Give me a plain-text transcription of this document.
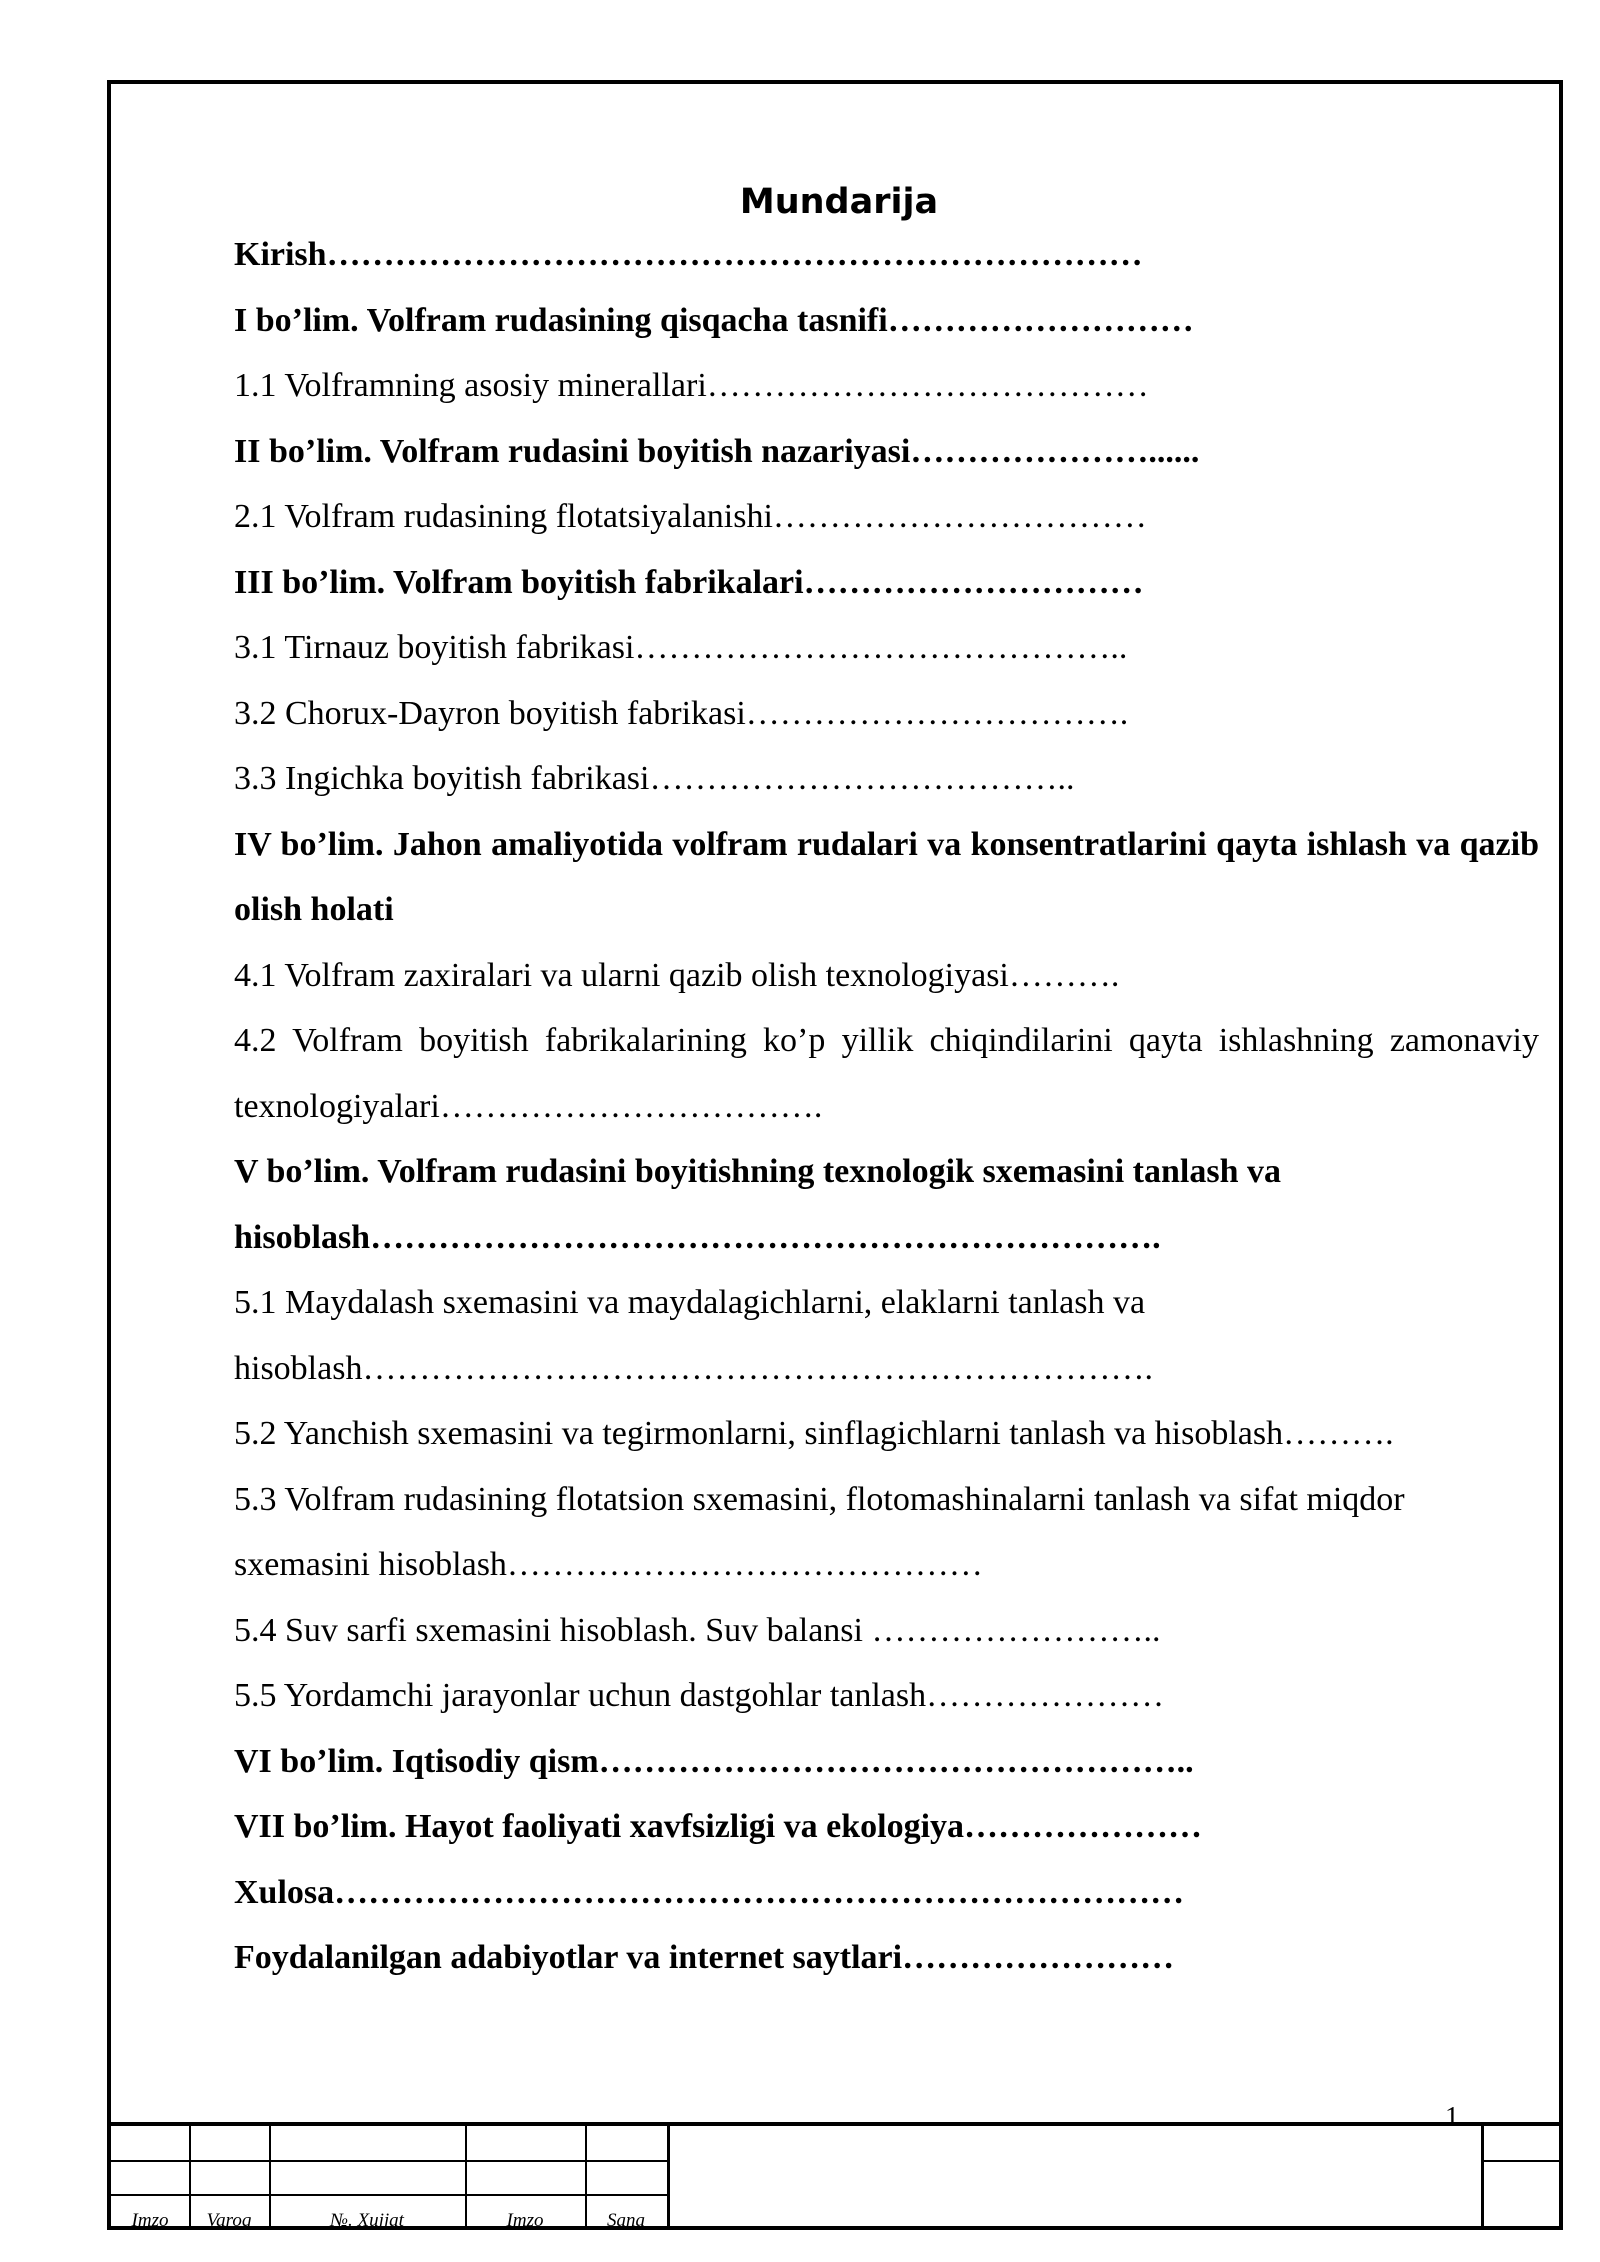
Mundarija

Kirish………………………………………………………………

I bo’lim. Volfram rudasining qisqacha tasnifi………………………

1.1 Volframning asosiy minerallari…………………………………

II bo’lim. Volfram rudasini boyitish nazariyasi…………………......

2.1 Volfram rudasining flotatsiyalanishi……………………………

III bo’lim. Volfram boyitish fabrikalari…………………………

3.1 Tirnauz boyitish fabrikasi……………………………………..

3.2 Chorux-Dayron boyitish fabrikasi…………………………….

3.3 Ingichka boyitish fabrikasi………………………………..

IV bo’lim. Jahon amaliyotida volfram rudalari va konsentratlarini qayta ishlash va qazib olish holati

4.1 Volfram zaxiralari va ularni qazib olish texnologiyasi……….

4.2 Volfram boyitish fabrikalarining ko’p yillik chiqindilarini qayta ishlashning zamonaviy texnologiyalari…………………………….

V bo’lim. Volfram rudasini boyitishning texnologik sxemasini tanlash va hisoblash…………………………………………………………….

5.1 Maydalash sxemasini va maydalagichlarni, elaklarni tanlash va hisoblash…………………………………………………………….

5.2 Yanchish sxemasini va tegirmonlarni, sinflagichlarni tanlash va hisoblash……….

5.3 Volfram rudasining flotatsion sxemasini, flotomashinalarni tanlash va sifat miqdor sxemasini hisoblash……………………………………

5.4 Suv sarfi sxemasini hisoblash. Suv balansi ……………………..

5.5 Yordamchi jarayonlar uchun dastgohlar tanlash…………………

VI bo’lim. Iqtisodiy qism……………………………………………..

VII bo’lim. Hayot faoliyati xavfsizligi va ekologiya…………………

Xulosa…………………………………………………………………

Foydalanilgan adabiyotlar va internet saytlari……………………

Imzo Varoq	№. Xujjat	Imzo	Sana
1
